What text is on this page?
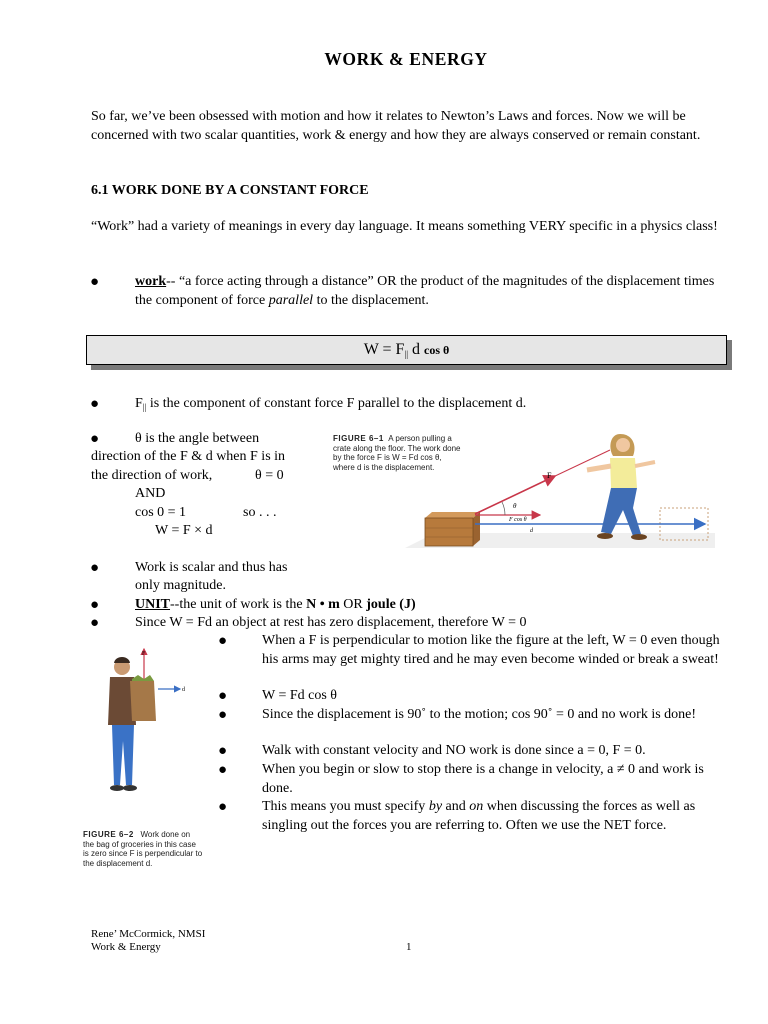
WORK & ENERGY

So far, we’ve been obsessed with motion and how it relates to Newton’s Laws and forces. Now we will be concerned with two scalar quantities, work & energy and how they are always conserved or remain constant.

6.1 WORK DONE BY A CONSTANT FORCE

“Work” had a variety of meanings in every day language. It means something VERY specific in a physics class!

●	work-- “a force acting through a distance” OR the product of the magnitudes of the displacement times the component of force parallel to the displacement.

$W = F_{||}$ d cos θ
●	$F_{||}$ is the component of constant force F parallel to the displacement d.

●	θ is the angle between
direction of the F & d when F is in
the direction of work,	θ = 0
AND
cos 0 = 1	so . . .
W = F × d
FIGURE 6–1 A person pulling a crate along the floor. The work done by the force F is W = Fd cos θ, where d is the displacement.
F
θ
F cos θ
d
●	Work is scalar and thus has
only magnitude.
●	UNIT--the unit of work is the N • m OR joule (J)

●	Since W = Fd an object at rest has zero displacement, therefore W = 0
● When a F is perpendicular to motion like the figure at the left, W = 0 even though his arms may get mighty tired and he may even become winded or break a sweat!

● W = Fd cos θ

● Since the displacement is 90˚ to the motion; cos 90˚ = 0 and no work is done!

● Walk with constant velocity and NO work is done since a = 0, F = 0.

● When you begin or slow to stop there is a change in velocity, a ≠ 0 and work is done.

● This means you must specify by and on when discussing the forces as well as singling out the forces you are referring to. Often we use the NET force.

F
d
FIGURE 6–2 Work done on the bag of groceries in this case is zero since F is perpendicular to the displacement d.
Rene’ McCormick, NMSI
Work & Energy	1
